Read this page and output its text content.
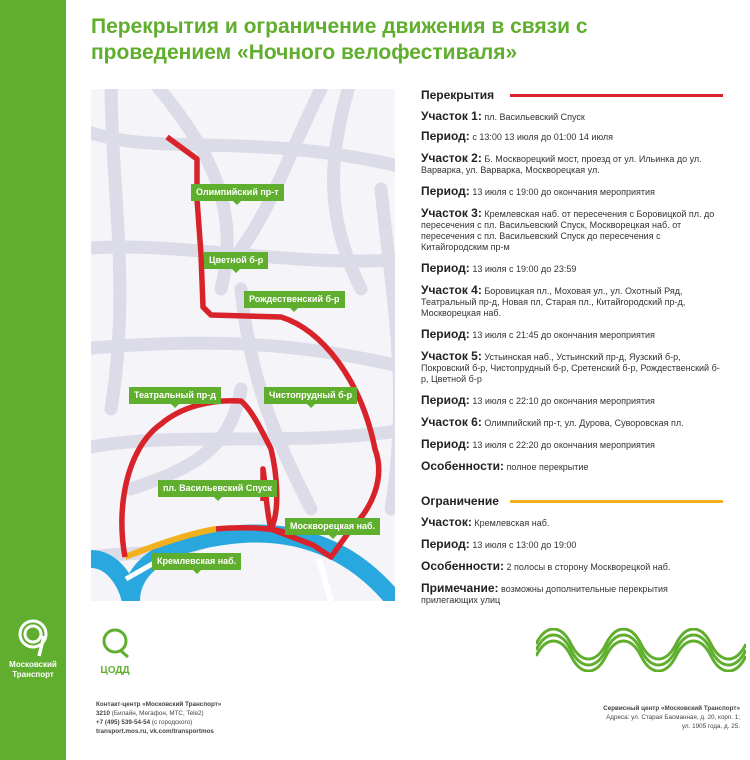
Московский Транспорт
Перекрытия и ограничение движения в связи с проведением «Ночного велофестиваля»
Олимпийский пр-т
Цветной б-р
Рождественский б-р
Театральный пр-д	Чистопрудный б-р
пл. Васильевский Спуск
Москворецкая наб.
Кремлевская наб.
Перекрытия
Участок 1: пл. Васильевский Спуск
Период: с 13:00 13 июля до 01:00 14 июля
Участок 2: Б. Москворецкий мост, проезд от ул. Ильинка до ул. Варварка, ул. Варварка, Москворецкая ул.
Период: 13 июля с 19:00 до окончания мероприятия
Участок 3: Кремлевская наб. от пересечения с Боровицкой пл. до пересечения с пл. Васильевский Спуск, Москворецкая наб. от пересечения с пл. Васильевский Спуск до пересечения с Китайгородским пр-м
Период: 13 июля с 19:00 до 23:59
Участок 4: Боровицкая пл., Моховая ул., ул. Охотный Ряд, Театральный пр-д, Новая пл, Старая пл., Китайгородский пр-д, Москворецкая наб.
Период: 13 июля с 21:45 до окончания мероприятия
Участок 5: Устьинская наб., Устьинский пр-д, Яузский б-р, Покровский б-р, Чистопрудный б-р, Сретенский б-р, Рождественский б-р, Цветной б-р
Период: 13 июля с 22:10 до окончания мероприятия
Участок 6: Олимпийский пр-т, ул. Дурова, Суворовская пл.
Период: 13 июля с 22:20 до окончания мероприятия
Особенности: полное перекрытие
Ограничение
Участок: Кремлевская наб.
Период: 13 июля с 13:00 до 19:00
Особенности: 2 полосы в сторону Москворецкой наб.
Примечание: возможны дополнительные перекрытия прилегающих улиц
ЦОДД
Контакт-центр «Московский Транспорт»
3210 (Билайн, Мегафон, МТС, Tele2)
+7 (495) 539-54-54 (с городского)
transport.mos.ru, vk.com/transportmos
Сервисный центр «Московский Транспорт»
Адреса: ул. Старая Басманная, д. 20, корп. 1;
ул. 1905 года, д. 25.
